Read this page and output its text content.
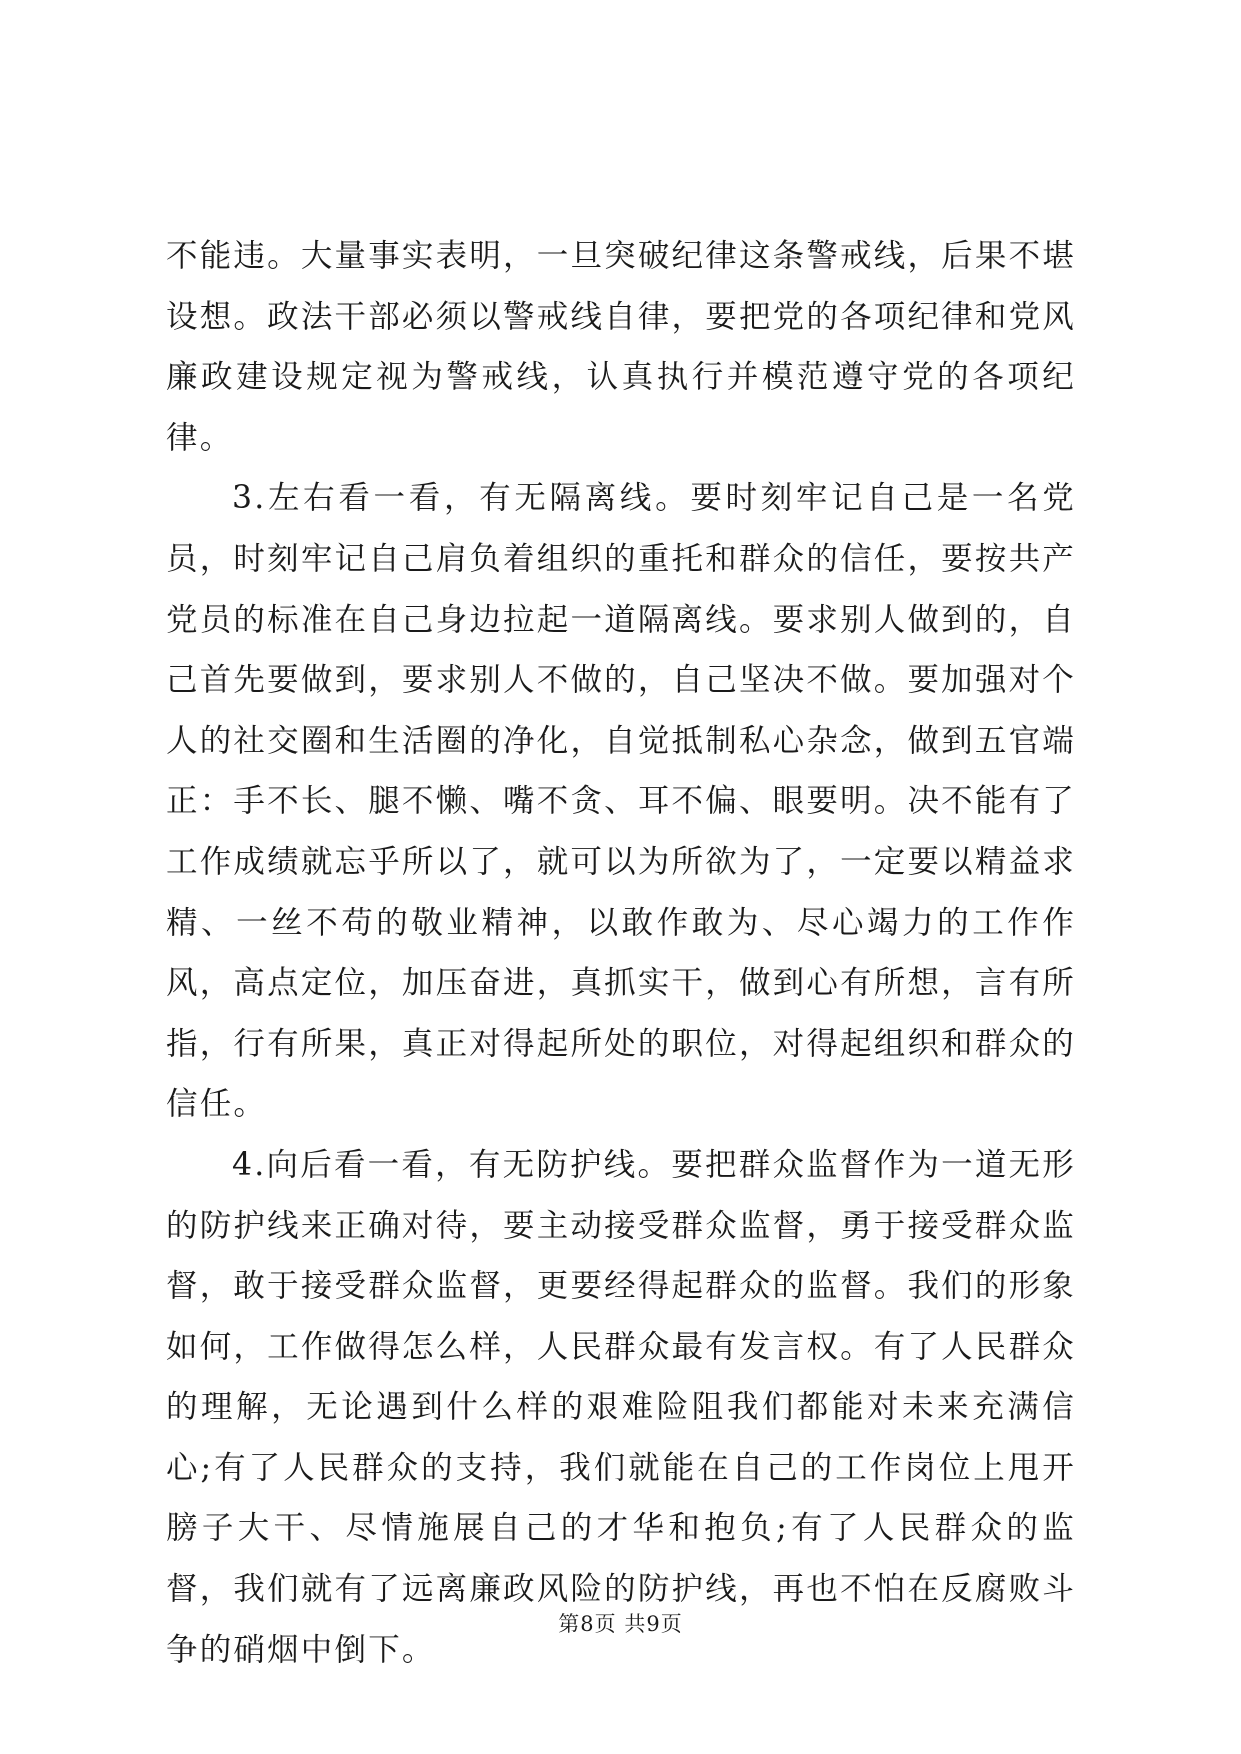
不能违。大量事实表明，一旦突破纪律这条警戒线，后果不堪设想。政法干部必须以警戒线自律，要把党的各项纪律和党风廉政建设规定视为警戒线，认真执行并模范遵守党的各项纪律。

3.左右看一看，有无隔离线。要时刻牢记自己是一名党员，时刻牢记自己肩负着组织的重托和群众的信任，要按共产党员的标准在自己身边拉起一道隔离线。要求别人做到的，自己首先要做到，要求别人不做的，自己坚决不做。要加强对个人的社交圈和生活圈的净化，自觉抵制私心杂念，做到五官端正：手不长、腿不懒、嘴不贪、耳不偏、眼要明。决不能有了工作成绩就忘乎所以了，就可以为所欲为了，一定要以精益求精、一丝不苟的敬业精神，以敢作敢为、尽心竭力的工作作风，高点定位，加压奋进，真抓实干，做到心有所想，言有所指，行有所果，真正对得起所处的职位，对得起组织和群众的信任。

4.向后看一看，有无防护线。要把群众监督作为一道无形的防护线来正确对待，要主动接受群众监督，勇于接受群众监督，敢于接受群众监督，更要经得起群众的监督。我们的形象如何，工作做得怎么样，人民群众最有发言权。有了人民群众的理解，无论遇到什么样的艰难险阻我们都能对未来充满信心;有了人民群众的支持，我们就能在自己的工作岗位上甩开膀子大干、尽情施展自己的才华和抱负;有了人民群众的监督，我们就有了远离廉政风险的防护线，再也不怕在反腐败斗争的硝烟中倒下。

第8页 共9页
